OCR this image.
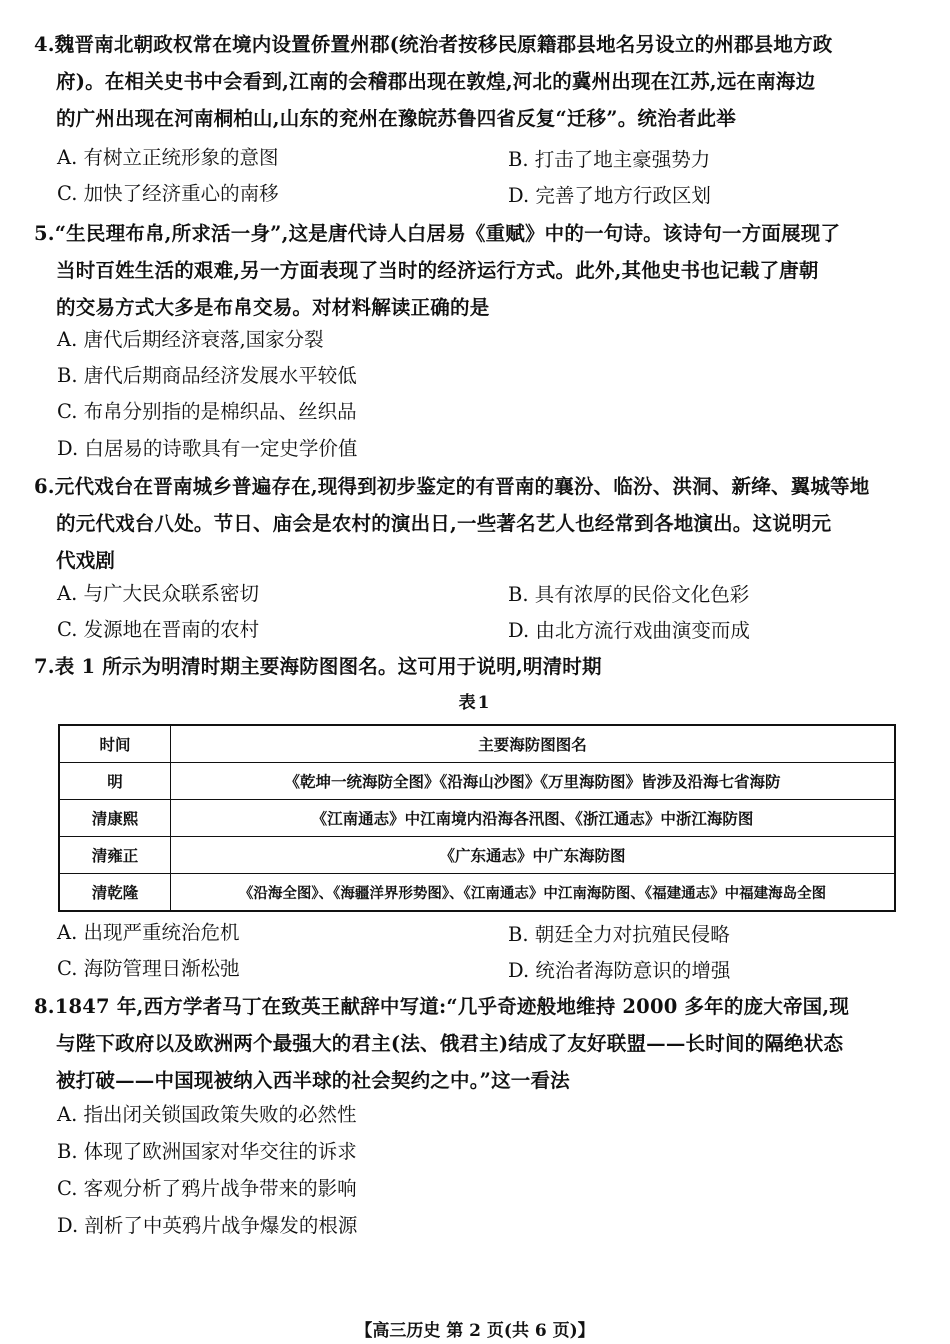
4.魏晋南北朝政权常在境内设置侨置州郡(统治者按移民原籍郡县地名另设立的州郡县地方政
府)。在相关史书中会看到,江南的会稽郡出现在敦煌,河北的冀州出现在江苏,远在南海边
的广州出现在河南桐柏山,山东的兖州在豫皖苏鲁四省反复“迁移”。统治者此举
A. 有树立正统形象的意图	B. 打击了地主豪强势力
C. 加快了经济重心的南移	D. 完善了地方行政区划
5.“生民理布帛,所求活一身”,这是唐代诗人白居易《重赋》中的一句诗。该诗句一方面展现了
当时百姓生活的艰难,另一方面表现了当时的经济运行方式。此外,其他史书也记载了唐朝
的交易方式大多是布帛交易。对材料解读正确的是
A. 唐代后期经济衰落,国家分裂
B. 唐代后期商品经济发展水平较低
C. 布帛分别指的是棉织品、丝织品
D. 白居易的诗歌具有一定史学价值
6.元代戏台在晋南城乡普遍存在,现得到初步鉴定的有晋南的襄汾、临汾、洪洞、新绛、翼城等地
的元代戏台八处。节日、庙会是农村的演出日,一些著名艺人也经常到各地演出。这说明元
代戏剧
A. 与广大民众联系密切	B. 具有浓厚的民俗文化色彩
C. 发源地在晋南的农村	D. 由北方流行戏曲演变而成
7.表 1 所示为明清时期主要海防图图名。这可用于说明,明清时期
表1
时间	主要海防图图名
明	《乾坤一统海防全图》《沿海山沙图》《万里海防图》皆涉及沿海七省海防
清康熙	《江南通志》中江南境内沿海各汛图、《浙江通志》中浙江海防图
清雍正	《广东通志》中广东海防图
清乾隆	《沿海全图》、《海疆洋界形势图》、《江南通志》中江南海防图、《福建通志》中福建海岛全图
A. 出现严重统治危机	B. 朝廷全力对抗殖民侵略
C. 海防管理日渐松弛	D. 统治者海防意识的增强
8.1847 年,西方学者马丁在致英王献辞中写道:“几乎奇迹般地维持 2000 多年的庞大帝国,现
与陛下政府以及欧洲两个最强大的君主(法、俄君主)结成了友好联盟——长时间的隔绝状态
被打破——中国现被纳入西半球的社会契约之中。”这一看法
A. 指出闭关锁国政策失败的必然性
B. 体现了欧洲国家对华交往的诉求
C. 客观分析了鸦片战争带来的影响
D. 剖析了中英鸦片战争爆发的根源
【高三历史 第 2 页(共 6 页)】
